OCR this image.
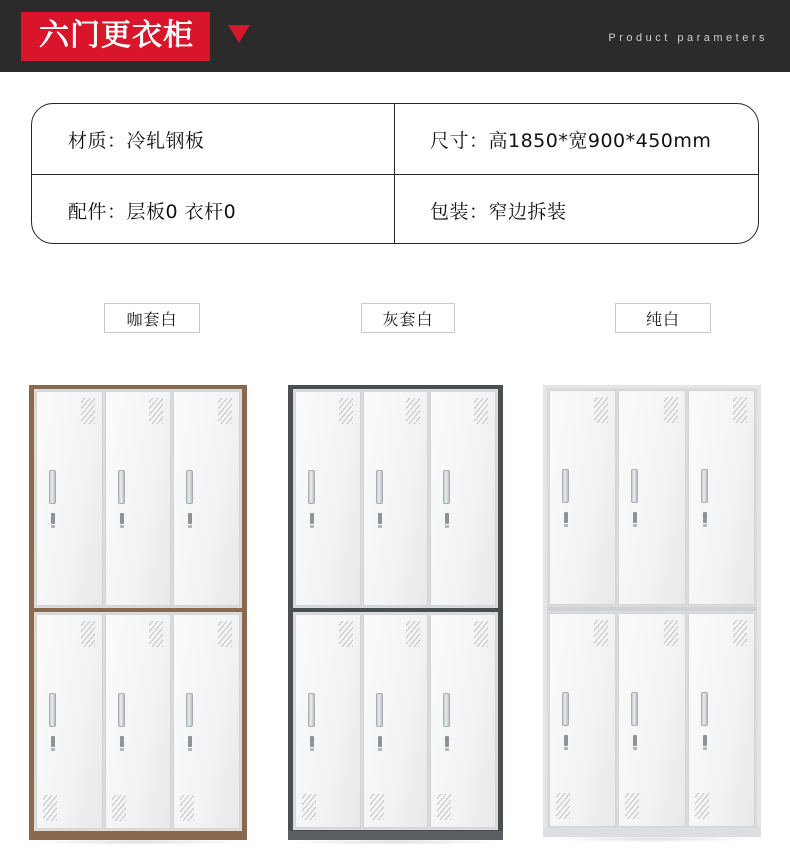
六门更衣柜	Product parameters
材质：冷轧钢板	尺寸：高1850*宽900*450mm
配件：层板0 衣杆0	包装：窄边拆装
咖套白	灰套白	纯白
